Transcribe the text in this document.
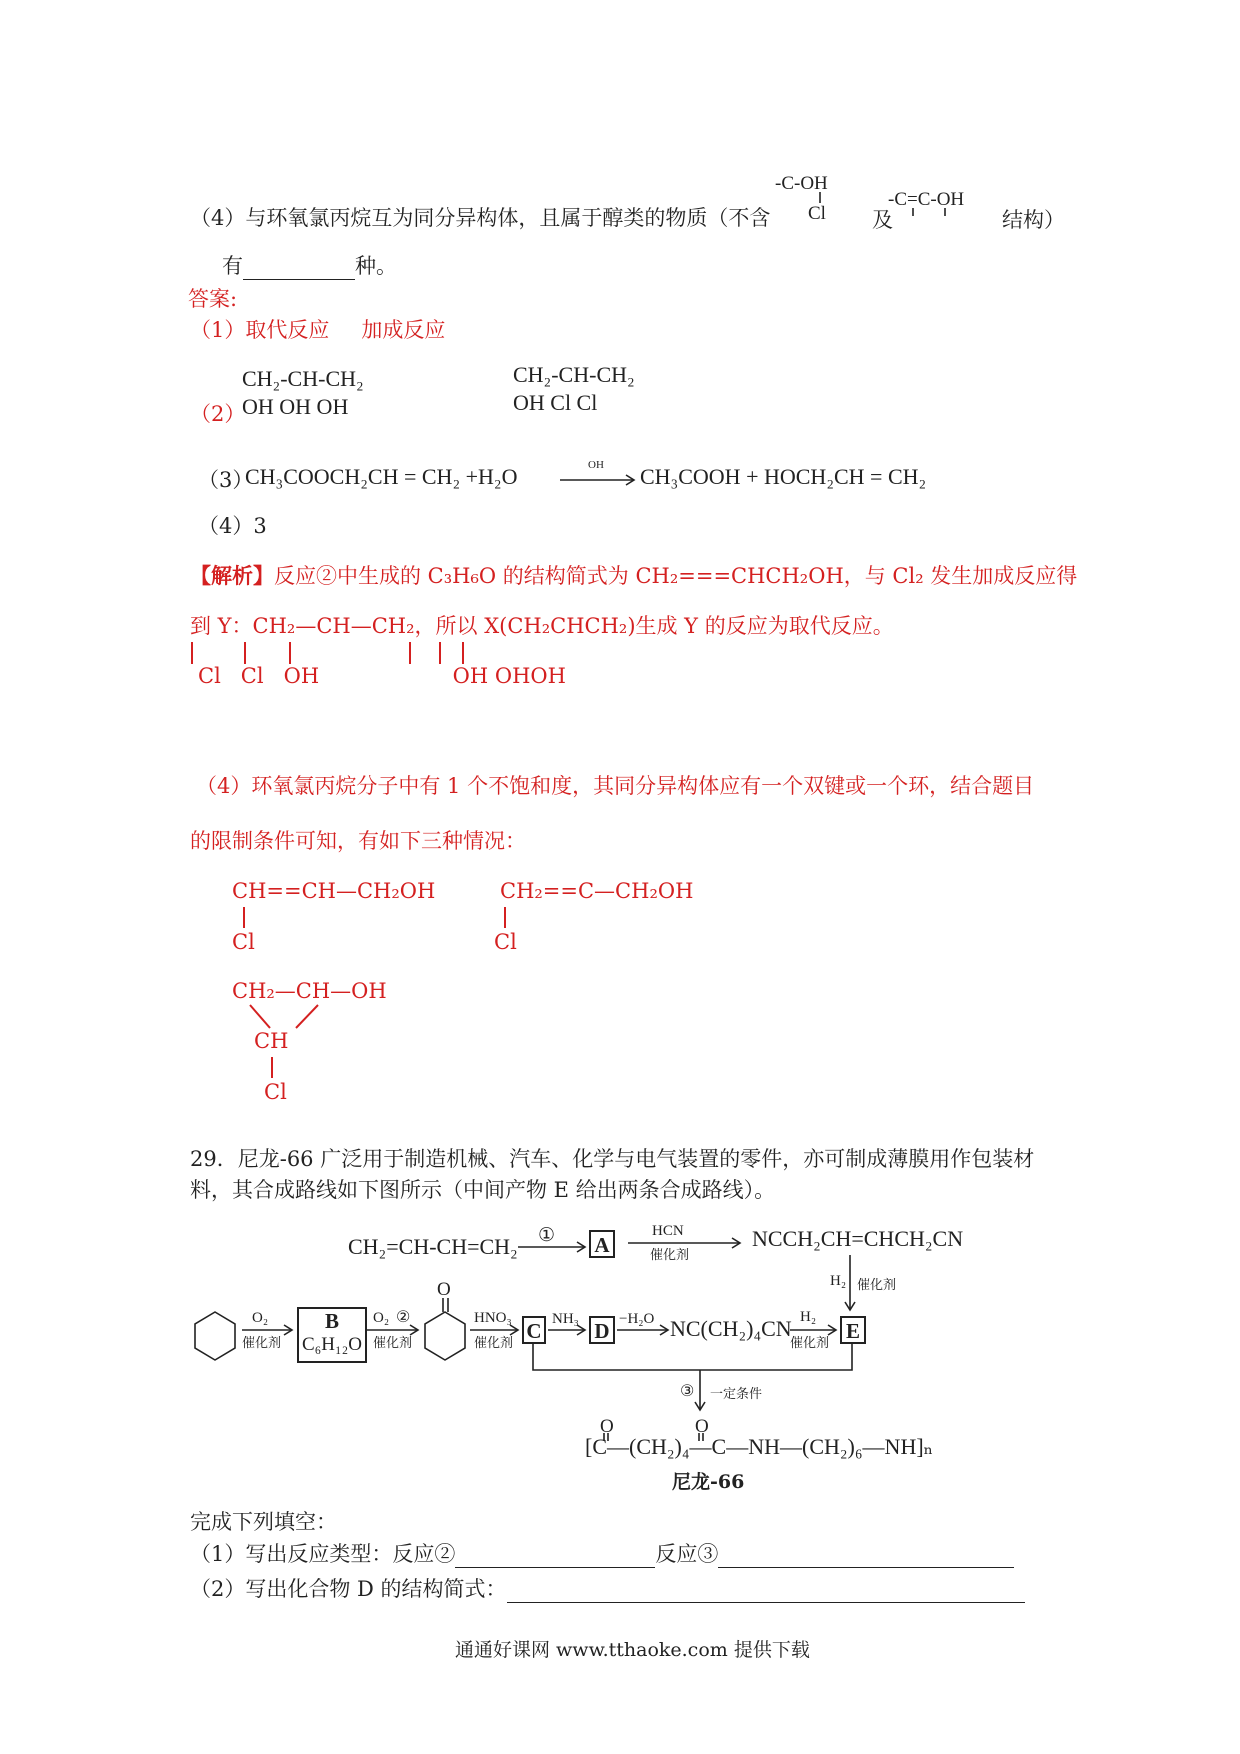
（4）与环氧氯丙烷互为同分异构体，且属于醇类的物质（不含
-C-OH
Cl 及
-C=C-OH
结构）
有	种。
答案:
（1）取代反应 加成反应
（2）
CH₂-CH-CH₂
OH OH OH
CH₂-CH-CH₂
OH Cl Cl
（3）
CH₃COOCH₂CH = CH₂ +H₂O	OH CH₃COOH + HOCH₂CH = CH₂
（4）3
【解析】反应②中生成的 C₃H₆O 的结构简式为 CH₂===CHCH₂OH，与 Cl₂ 发生加成反应得
到 Y：CH₂—CH—CH₂，所以 X(CH₂CHCH₂)生成 Y 的反应为取代反应。
Cl   Cl   OH                    OH OHOH
（4）环氧氯丙烷分子中有 1 个不饱和度，其同分异构体应有一个双键或一个环，结合题目
的限制条件可知，有如下三种情况：
CH==CH—CH₂OH
Cl
CH₂==C—CH₂OH
Cl
CH₂—CH—OH
CH
Cl
29．尼龙-66 广泛用于制造机械、汽车、化学与电气装置的零件，亦可制成薄膜用作包装材
料，其合成路线如下图所示（中间产物 E 给出两条合成路线）。
CH₂=CH-CH=CH₂ ① A
HCN
催化剂
NCCH₂CH=CHCH₂CN
H₂ 催化剂
O₂
催化剂
B
C₆H₁₂O
O₂ ②
催化剂
O
HNO₃
催化剂
C NH₃ D −H₂O NC(CH₂)₄CN H₂
催化剂
E
③ 一定条件
O	O
[C—(CH₂)₄—C—NH—(CH₂)₆—NH]ₙ
尼龙-66
完成下列填空：
（1）写出反应类型：反应②	反应③
（2）写出化合物 D 的结构简式：
通通好课网 www.tthaoke.com 提供下载
